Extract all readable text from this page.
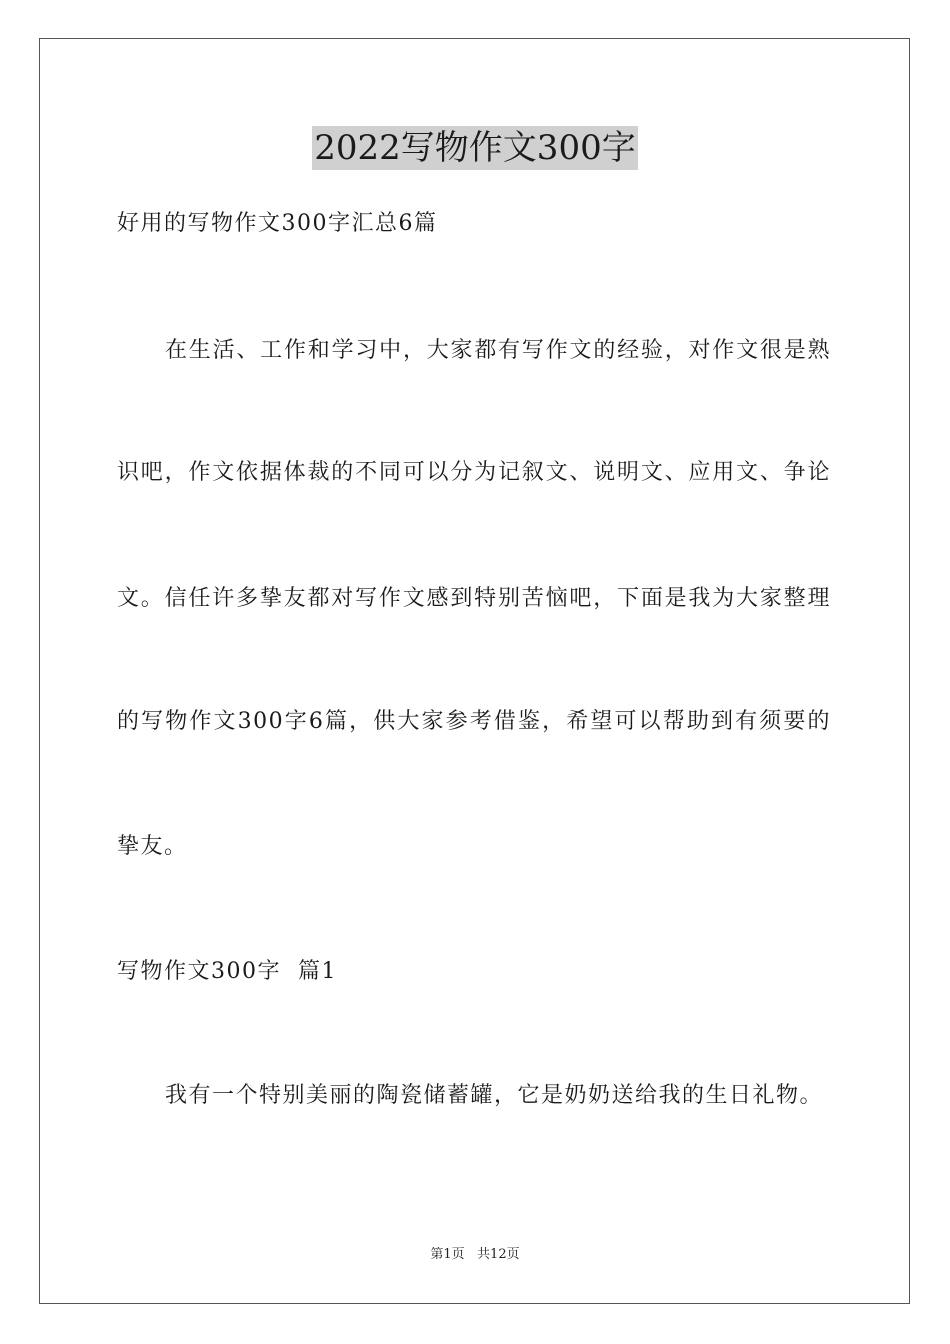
2022写物作文300字
好用的写物作文300字汇总6篇
在生活、工作和学习中，大家都有写作文的经验，对作文很是熟
识吧，作文依据体裁的不同可以分为记叙文、说明文、应用文、争论
文。信任许多挚友都对写作文感到特别苦恼吧，下面是我为大家整理
的写物作文300字6篇，供大家参考借鉴，希望可以帮助到有须要的
挚友。
写物作文300字  篇1
我有一个特别美丽的陶瓷储蓄罐，它是奶奶送给我的生日礼物。
第1页   共12页
